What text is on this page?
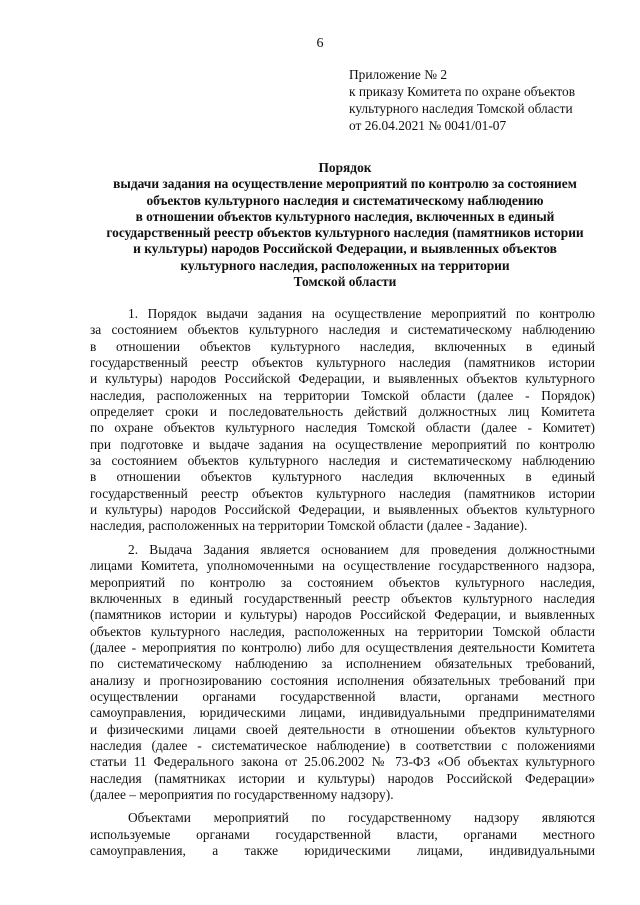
6
Приложение № 2
к приказу Комитета по охране объектов
культурного наследия Томской области
от 26.04.2021 № 0041/01-07
Порядок
выдачи задания на осуществление мероприятий по контролю за состоянием
объектов культурного наследия и систематическому наблюдению
в отношении объектов культурного наследия, включенных в единый
государственный реестр объектов культурного наследия (памятников истории
и культуры) народов Российской Федерации, и выявленных объектов
культурного наследия, расположенных на территории
Томской области
1. Порядок выдачи задания на осуществление мероприятий по контролю
за состоянием объектов культурного наследия и систематическому наблюдению
в отношении объектов культурного наследия, включенных в единый
государственный реестр объектов культурного наследия (памятников истории
и культуры) народов Российской Федерации, и выявленных объектов культурного
наследия, расположенных на территории Томской области (далее - Порядок)
определяет сроки и последовательность действий должностных лиц Комитета
по охране объектов культурного наследия Томской области (далее - Комитет)
при подготовке и выдаче задания на осуществление мероприятий по контролю
за состоянием объектов культурного наследия и систематическому наблюдению
в отношении объектов культурного наследия включенных в единый
государственный реестр объектов культурного наследия (памятников истории
и культуры) народов Российской Федерации, и выявленных объектов культурного
наследия, расположенных на территории Томской области (далее - Задание).
2. Выдача Задания является основанием для проведения должностными
лицами Комитета, уполномоченными на осуществление государственного надзора,
мероприятий по контролю за состоянием объектов культурного наследия,
включенных в единый государственный реестр объектов культурного наследия
(памятников истории и культуры) народов Российской Федерации, и выявленных
объектов культурного наследия, расположенных на территории Томской области
(далее - мероприятия по контролю) либо для осуществления деятельности Комитета
по систематическому наблюдению за исполнением обязательных требований,
анализу и прогнозированию состояния исполнения обязательных требований при
осуществлении органами государственной власти, органами местного
самоуправления, юридическими лицами, индивидуальными предпринимателями
и физическими лицами своей деятельности в отношении объектов культурного
наследия (далее - систематическое наблюдение) в соответствии с положениями
статьи 11 Федерального закона от 25.06.2002 № 73-ФЗ «Об объектах культурного
наследия (памятниках истории и культуры) народов Российской Федерации»
(далее – мероприятия по государственному надзору).
Объектами мероприятий по государственному надзору являются
используемые органами государственной власти, органами местного
самоуправления, а также юридическими лицами, индивидуальными
